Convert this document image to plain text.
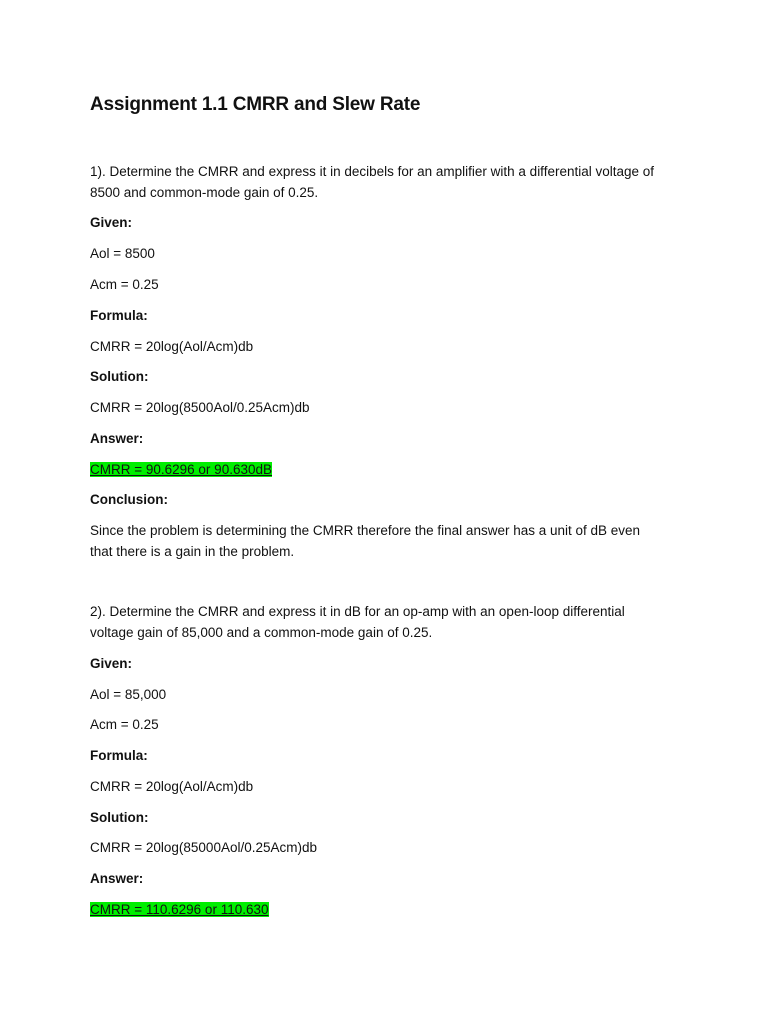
Assignment 1.1 CMRR and Slew Rate

1). Determine the CMRR and express it in decibels for an amplifier with a differential voltage of 8500 and common-mode gain of 0.25.

Given:

Aol = 8500

Acm = 0.25

Formula:

CMRR = 20log(Aol/Acm)db

Solution:

CMRR = 20log(8500Aol/0.25Acm)db

Answer:

CMRR = 90.6296 or 90.630dB

Conclusion:

Since the problem is determining the CMRR therefore the final answer has a unit of dB even that there is a gain in the problem.

2). Determine the CMRR and express it in dB for an op-amp with an open-loop differential voltage gain of 85,000 and a common-mode gain of 0.25.

Given:

Aol = 85,000

Acm = 0.25

Formula:

CMRR = 20log(Aol/Acm)db

Solution:

CMRR = 20log(85000Aol/0.25Acm)db

Answer:

CMRR = 110.6296 or 110.630
